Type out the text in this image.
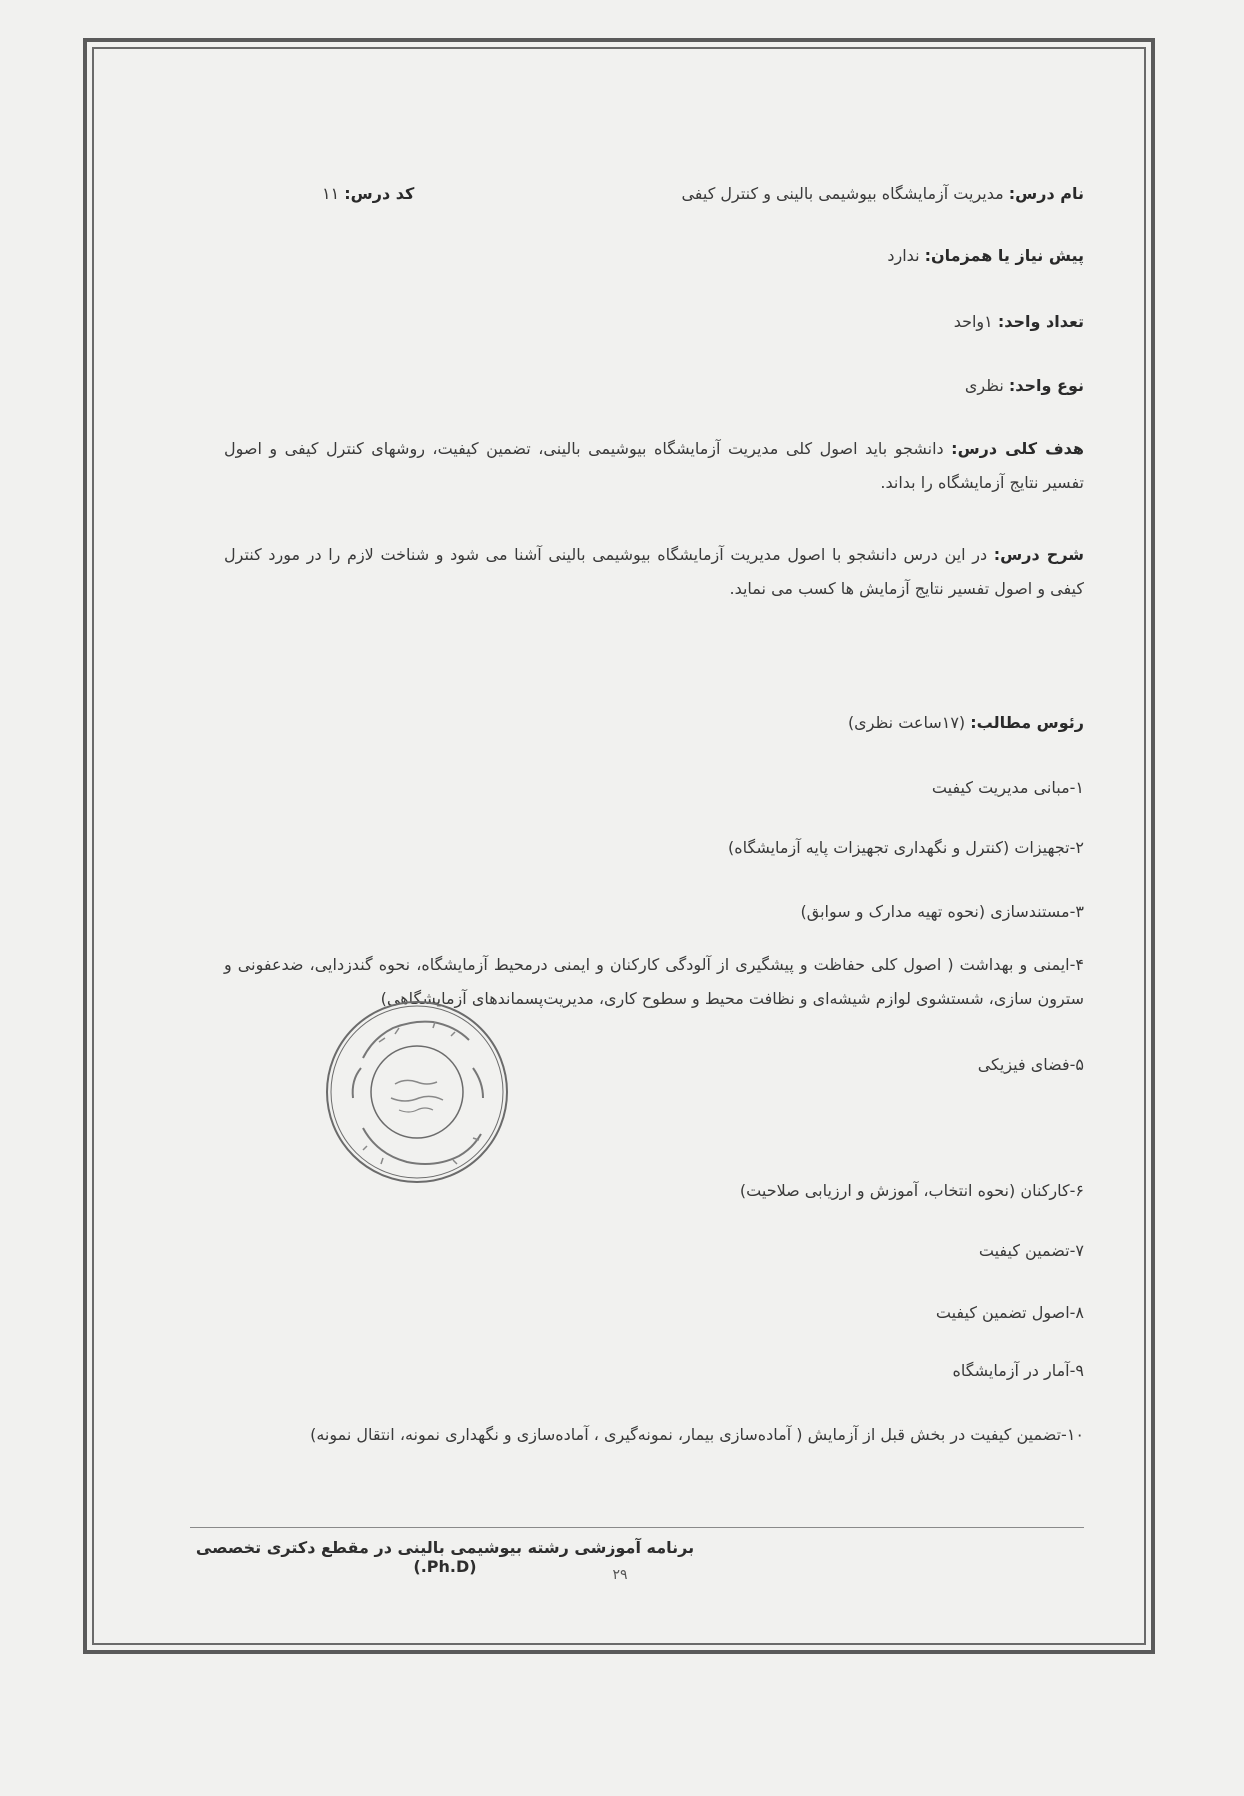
نام درس: مدیریت آزمایشگاه بیوشیمی بالینی و کنترل کیفی
کد درس: ۱۱
پیش نیاز یا همزمان: ندارد
تعداد واحد: ۱واحد
نوع واحد: نظری
هدف کلی درس: دانشجو باید اصول کلی مدیریت آزمایشگاه بیوشیمی بالینی، تضمین کیفیت، روشهای کنترل کیفی و اصول تفسیر نتایج آزمایشگاه را بداند.
شرح درس: در این درس دانشجو با اصول مدیریت آزمایشگاه بیوشیمی بالینی آشنا می شود و شناخت لازم را در مورد کنترل کیفی و اصول تفسیر نتایج آزمایش ها کسب می نماید.
رئوس مطالب: (۱۷ساعت نظری)
۱-مبانی مدیریت کیفیت
۲-تجهیزات (کنترل و نگهداری تجهیزات پایه آزمایشگاه)
۳-مستندسازی (نحوه تهیه مدارک و سوابق)
۴-ایمنی و بهداشت ( اصول کلی حفاظت و پیشگیری از آلودگی کارکنان و ایمنی درمحیط آزمایشگاه، نحوه گندزدایی، ضدعفونی و سترون سازی، شستشوی لوازم شیشه‌ای و نظافت محیط و سطوح کاری، مدیریت‌پسماندهای آزمایشگاهی)
۵-فضای فیزیکی
۶-کارکنان (نحوه انتخاب، آموزش و ارزیابی صلاحیت)
۷-تضمین کیفیت
۸-اصول تضمین کیفیت
۹-آمار در آزمایشگاه
۱۰-تضمین کیفیت در بخش قبل از آزمایش ( آماده‌سازی بیمار، نمونه‌گیری ، آماده‌سازی و نگهداری نمونه، انتقال نمونه)
برنامه آموزشی رشته بیوشیمی بالینی در مقطع دکتری تخصصی (Ph.D.)	۲۹
